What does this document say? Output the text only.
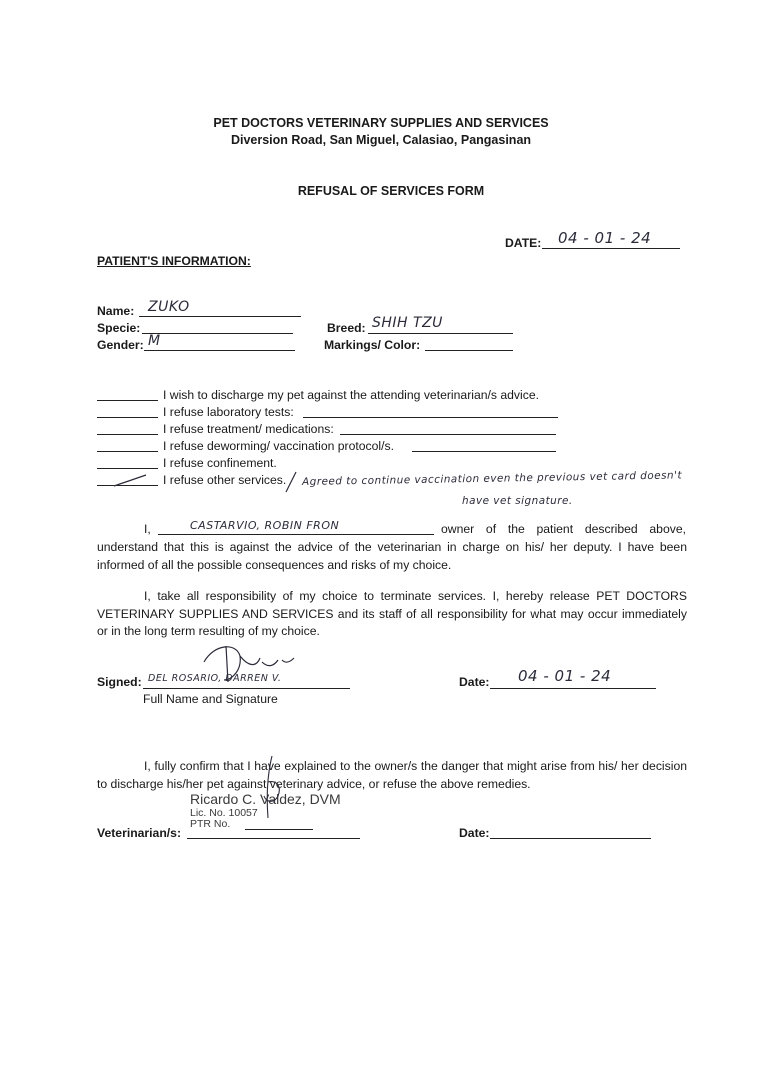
PET DOCTORS VETERINARY SUPPLIES AND SERVICES
Diversion Road, San Miguel, Calasiao, Pangasinan
REFUSAL OF SERVICES FORM
DATE: 04 - 01 - 24
PATIENT'S INFORMATION:
Name: ZUKO
Specie:
Gender: M
Breed: SHIH TZU
Markings/ Color:
I wish to discharge my pet against the attending veterinarian/s advice.
I refuse laboratory tests:
I refuse treatment/ medications:
I refuse deworming/ vaccination protocol/s.
I refuse confinement.
I refuse other services. Agreed to continue vaccination even the previous vet card doesn't
have vet signature.
I,	CASTARVIO, ROBIN FRON	owner of the patient described above,
understand that this is against the advice of the veterinarian in charge on his/ her deputy. I have been informed of all the possible consequences and risks of my choice.
I, take all responsibility of my choice to terminate services. I, hereby release PET DOCTORS VETERINARY SUPPLIES AND SERVICES and its staff of all responsibility for what may occur immediately or in the long term resulting of my choice.
Signed: DEL ROSARIO, DARREN V.
Full Name and Signature
Date: 04 - 01 - 24
I, fully confirm that I have explained to the owner/s the danger that might arise from his/ her decision to discharge his/her pet against veterinary advice, or refuse the above remedies.
Ricardo C. Valdez, DVM
Lic. No. 10057
PTR No.
Veterinarian/s:	Date:
